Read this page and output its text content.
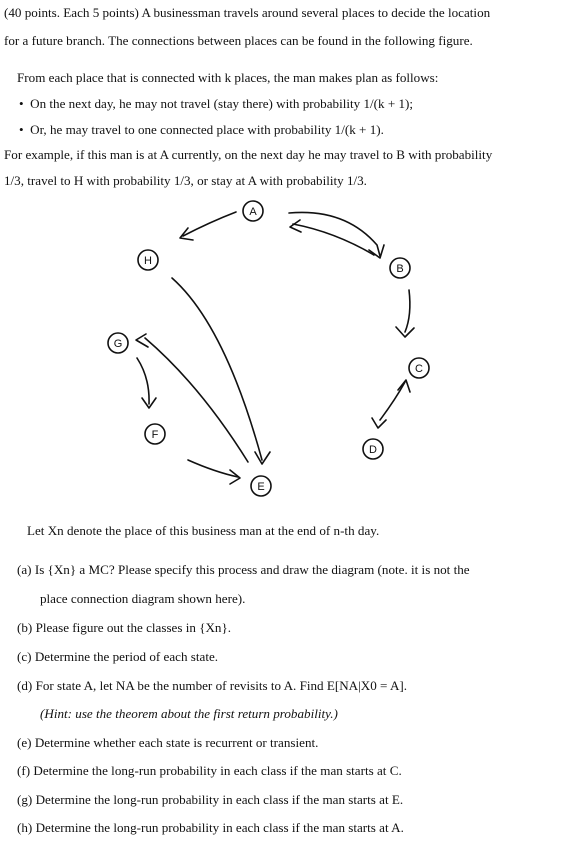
(40 points. Each 5 points) A businessman travels around several places to decide the location
for a future branch. The connections between places can be found in the following figure.
From each place that is connected with k places, the man makes plan as follows:
•  On the next day, he may not travel (stay there) with probability 1/(k + 1);
•  Or, he may travel to one connected place with probability 1/(k + 1).
For example, if this man is at A currently, on the next day he may travel to B with probability
1/3, travel to H with probability 1/3, or stay at A with probability 1/3.
A
H
B
G
C
F
D
E
Let Xn denote the place of this business man at the end of n-th day.
(a) Is {Xn} a MC? Please specify this process and draw the diagram (note. it is not the
place connection diagram shown here).
(b) Please figure out the classes in {Xn}.
(c) Determine the period of each state.
(d) For state A, let NA be the number of revisits to A. Find E[NA|X0 = A].
(Hint: use the theorem about the first return probability.)
(e) Determine whether each state is recurrent or transient.
(f) Determine the long-run probability in each class if the man starts at C.
(g) Determine the long-run probability in each class if the man starts at E.
(h) Determine the long-run probability in each class if the man starts at A.
